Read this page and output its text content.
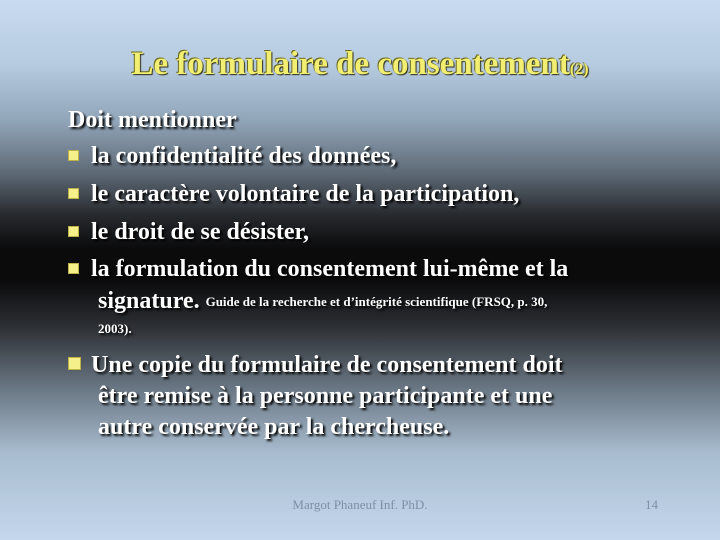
Le formulaire de consentement(2)
Doit mentionner
la confidentialité des données,
le caractère volontaire de la participation,
le droit de se désister,
la formulation du consentement lui-même et la
signature. Guide de la recherche et d’intégrité scientifique (FRSQ, p. 30,
2003).
Une copie du formulaire de consentement doit
être remise à la personne participante et une
autre conservée par la chercheuse.
Margot Phaneuf Inf. PhD.	14
